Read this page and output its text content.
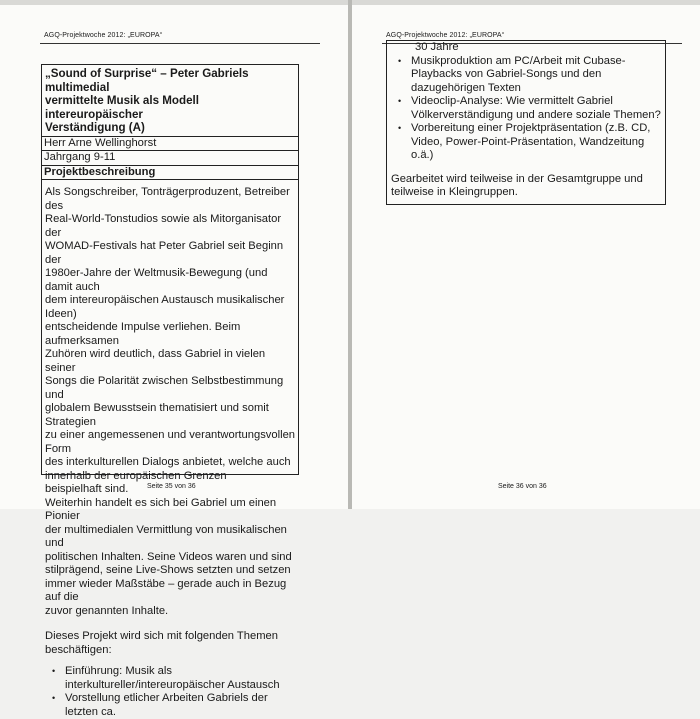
AGQ-Projektwoche 2012: „EUROPA“
„Sound of Surprise“ – Peter Gabriels multimedial
vermittelte Musik als Modell intereuropäischer
Verständigung (A)
Herr Arne Wellinghorst
Jahrgang 9-11
Projektbeschreibung

Als Songschreiber, Tonträgerproduzent, Betreiber des
Real-World-Tonstudios sowie als Mitorganisator der
WOMAD-Festivals hat Peter Gabriel seit Beginn der
1980er-Jahre der Weltmusik-Bewegung (und damit auch
dem intereuropäischen Austausch musikalischer Ideen)
entscheidende Impulse verliehen. Beim aufmerksamen
Zuhören wird deutlich, dass Gabriel in vielen seiner
Songs die Polarität zwischen Selbstbestimmung und
globalem Bewusstsein thematisiert und somit Strategien
zu einer angemessenen und verantwortungsvollen Form
des interkulturellen Dialogs anbietet, welche auch
innerhalb der europäischen Grenzen
beispielhaft sind.
Weiterhin handelt es sich bei Gabriel um einen Pionier
der multimedialen Vermittlung von musikalischen und
politischen Inhalten. Seine Videos waren und sind
stilprägend, seine Live-Shows setzten und setzen
immer wieder Maßstäbe – gerade auch in Bezug auf die
zuvor genannten Inhalte.

Dieses Projekt wird sich mit folgenden Themen
beschäftigen:

• Einführung: Musik als
interkultureller/intereuropäischer Austausch
• Vorstellung etlicher Arbeiten Gabriels der letzten ca.
Seite 35 von 36
AGQ-Projektwoche 2012: „EUROPA“
30 Jahre
• Musikproduktion am PC/Arbeit mit Cubase-
Playbacks von Gabriel-Songs und den
dazugehörigen Texten
• Videoclip-Analyse: Wie vermittelt Gabriel
Völkerverständigung und andere soziale Themen?
• Vorbereitung einer Projektpräsentation (z.B. CD,
Video, Power-Point-Präsentation, Wandzeitung o.ä.)
Gearbeitet wird teilweise in der Gesamtgruppe und
teilweise in Kleingruppen.
Seite 36 von 36
